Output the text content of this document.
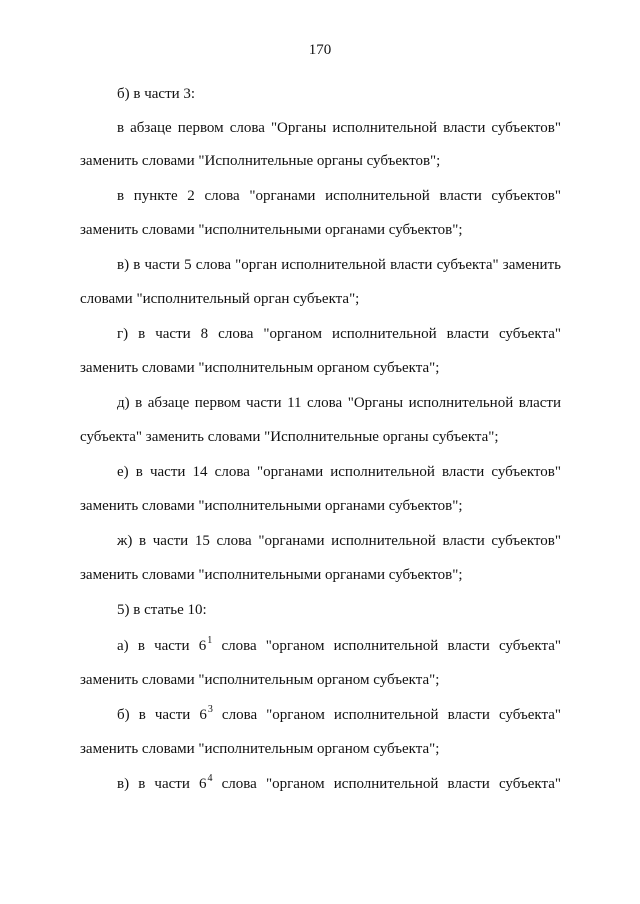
170
б) в части 3:
в абзаце первом слова "Органы исполнительной власти субъектов"
заменить словами "Исполнительные органы субъектов";
в пункте 2 слова "органами исполнительной власти субъектов"
заменить словами "исполнительными органами субъектов";
в) в части 5 слова "орган исполнительной власти субъекта" заменить
словами "исполнительный орган субъекта";
г) в части 8 слова "органом исполнительной власти субъекта"
заменить словами "исполнительным органом субъекта";
д) в абзаце первом части 11 слова "Органы исполнительной власти
субъекта" заменить словами "Исполнительные органы субъекта";
е) в части 14 слова "органами исполнительной власти субъектов"
заменить словами "исполнительными органами субъектов";
ж) в части 15 слова "органами исполнительной власти субъектов"
заменить словами "исполнительными органами субъектов";
5) в статье 10:
а) в части $6^1$ слова "органом исполнительной власти субъекта"
заменить словами "исполнительным органом субъекта";
б) в части $6^3$ слова "органом исполнительной власти субъекта"
заменить словами "исполнительным органом субъекта";
в) в части $6^4$ слова "органом исполнительной власти субъекта"
